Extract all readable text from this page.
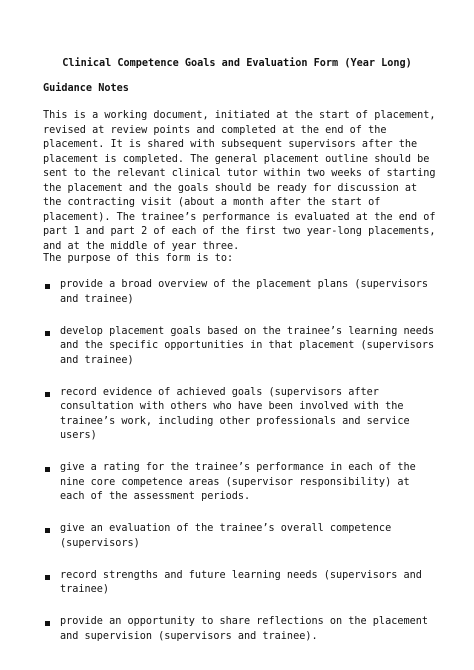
Clinical Competence Goals and Evaluation Form (Year Long)
Guidance Notes

This is a working document, initiated at the start of placement, revised at review points and completed at the end of the placement. It is shared with subsequent supervisors after the placement is completed. The general placement outline should be sent to the relevant clinical tutor within two weeks of starting the placement and the goals should be ready for discussion at the contracting visit (about a month after the start of placement). The trainee’s performance is evaluated at the end of part 1 and part 2 of each of the first two year-long placements, and at the middle of year three.

The purpose of this form is to:

provide a broad overview of the placement plans (supervisors and trainee)
develop placement goals based on the trainee’s learning needs and the specific opportunities in that placement (supervisors and trainee)
record evidence of achieved goals (supervisors after consultation with others who have been involved with the trainee’s work, including other professionals and service users)
give a rating for the trainee’s performance in each of the nine core competence areas (supervisor responsibility) at each of the assessment periods.
give an evaluation of the trainee’s overall competence (supervisors)
record strengths and future learning needs (supervisors and trainee)
provide an opportunity to share reflections on the placement and supervision (supervisors and trainee).
